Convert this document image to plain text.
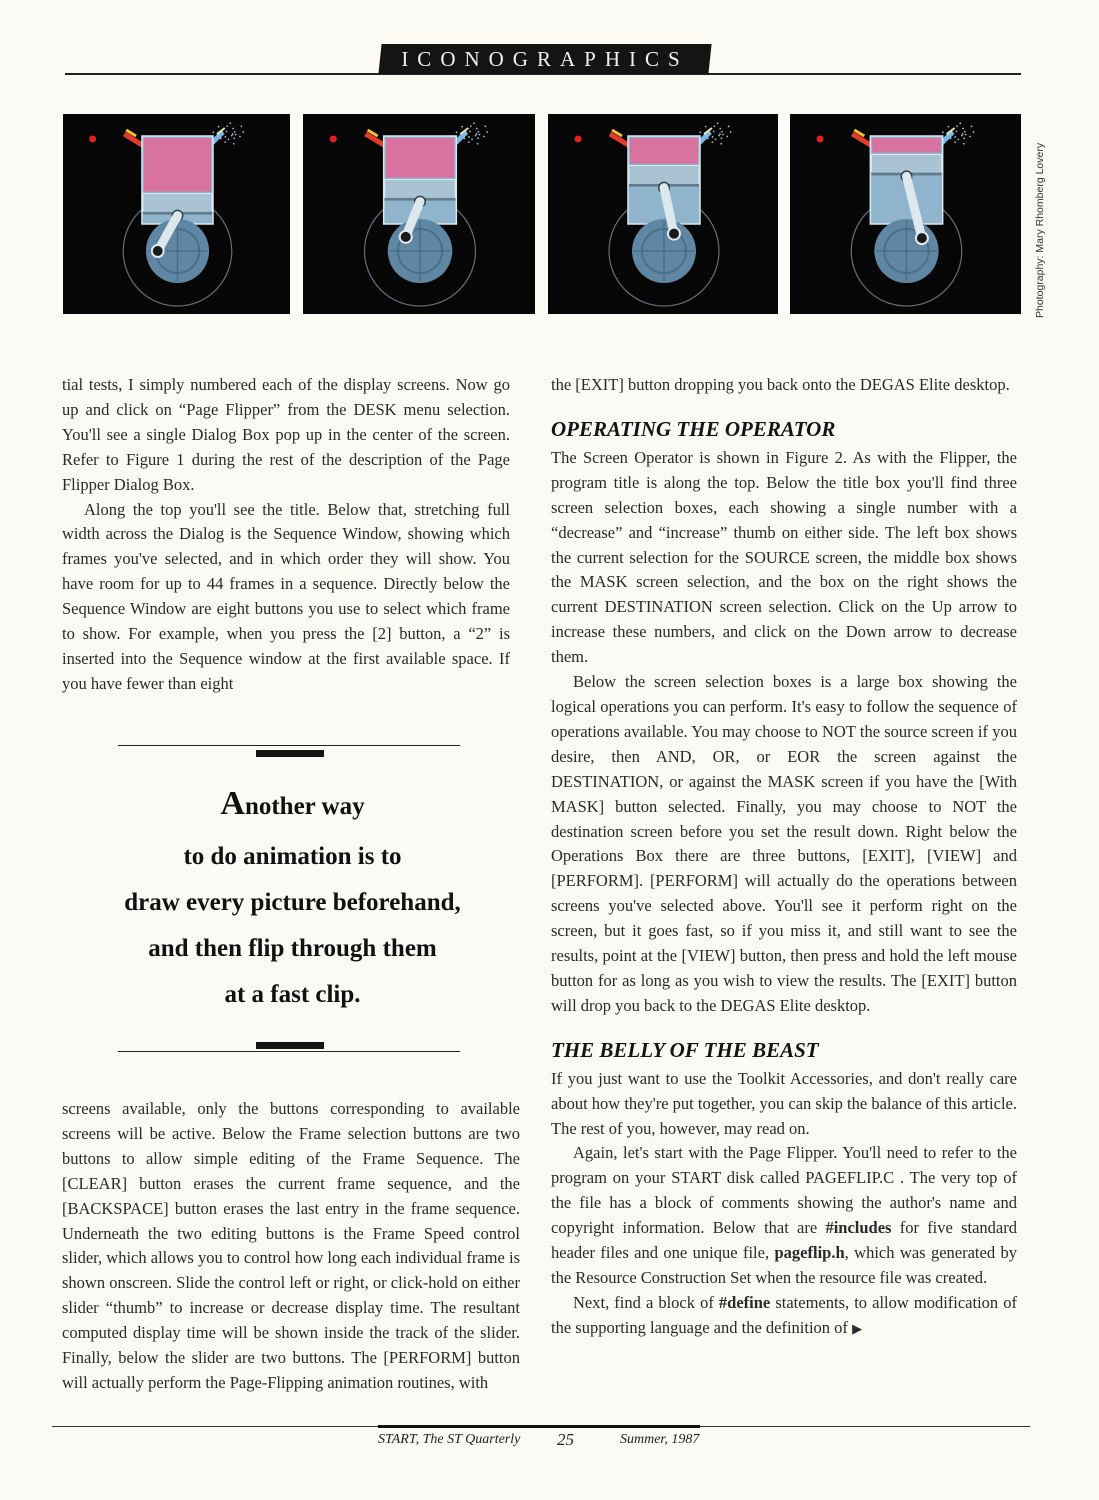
ICONOGRAPHICS
Photography: Mary Rhomberg Lovery

tial tests, I simply numbered each of the display screens. Now go up and click on “Page Flipper” from the DESK menu selection. You'll see a single Dialog Box pop up in the center of the screen. Refer to Figure 1 during the rest of the description of the Page Flipper Dialog Box.

Along the top you'll see the title. Below that, stretching full width across the Dialog is the Sequence Window, showing which frames you've selected, and in which order they will show. You have room for up to 44 frames in a sequence. Directly below the Sequence Window are eight buttons you use to select which frame to show. For example, when you press the [2] button, a “2” is inserted into the Sequence window at the first available space. If you have fewer than eight

Another way
to do animation is to
draw every picture beforehand,
and then flip through them
at a fast clip.

screens available, only the buttons corresponding to available screens will be active. Below the Frame selection buttons are two buttons to allow simple editing of the Frame Sequence. The [CLEAR] button erases the current frame sequence, and the [BACKSPACE] button erases the last entry in the frame sequence. Underneath the two editing buttons is the Frame Speed control slider, which allows you to control how long each individual frame is shown onscreen. Slide the control left or right, or click-hold on either slider “thumb” to increase or decrease display time. The resultant computed display time will be shown inside the track of the slider. Finally, below the slider are two buttons. The [PERFORM] button will actually perform the Page-Flipping animation routines, with

the [EXIT] button dropping you back onto the DEGAS Elite desktop.

OPERATING THE OPERATOR

The Screen Operator is shown in Figure 2. As with the Flipper, the program title is along the top. Below the title box you'll find three screen selection boxes, each showing a single number with a “decrease” and “increase” thumb on either side. The left box shows the current selection for the SOURCE screen, the middle box shows the MASK screen selection, and the box on the right shows the current DESTINATION screen selection. Click on the Up arrow to increase these numbers, and click on the Down arrow to decrease them.

Below the screen selection boxes is a large box showing the logical operations you can perform. It's easy to follow the sequence of operations available. You may choose to NOT the source screen if you desire, then AND, OR, or EOR the screen against the DESTINATION, or against the MASK screen if you have the [With MASK] button selected. Finally, you may choose to NOT the destination screen before you set the result down. Right below the Operations Box there are three buttons, [EXIT], [VIEW] and [PERFORM]. [PERFORM] will actually do the operations between screens you've selected above. You'll see it perform right on the screen, but it goes fast, so if you miss it, and still want to see the results, point at the [VIEW] button, then press and hold the left mouse button for as long as you wish to view the results. The [EXIT] button will drop you back to the DEGAS Elite desktop.

THE BELLY OF THE BEAST

If you just want to use the Toolkit Accessories, and don't really care about how they're put together, you can skip the balance of this article. The rest of you, however, may read on.

Again, let's start with the Page Flipper. You'll need to refer to the program on your START disk called PAGEFLIP.C . The very top of the file has a block of comments showing the author's name and copyright information. Below that are #includes for five standard header files and one unique file, pageflip.h, which was generated by the Resource Construction Set when the resource file was created.

Next, find a block of #define statements, to allow modification of the supporting language and the definition of ▶

START, The ST Quarterly 25	Summer, 1987
